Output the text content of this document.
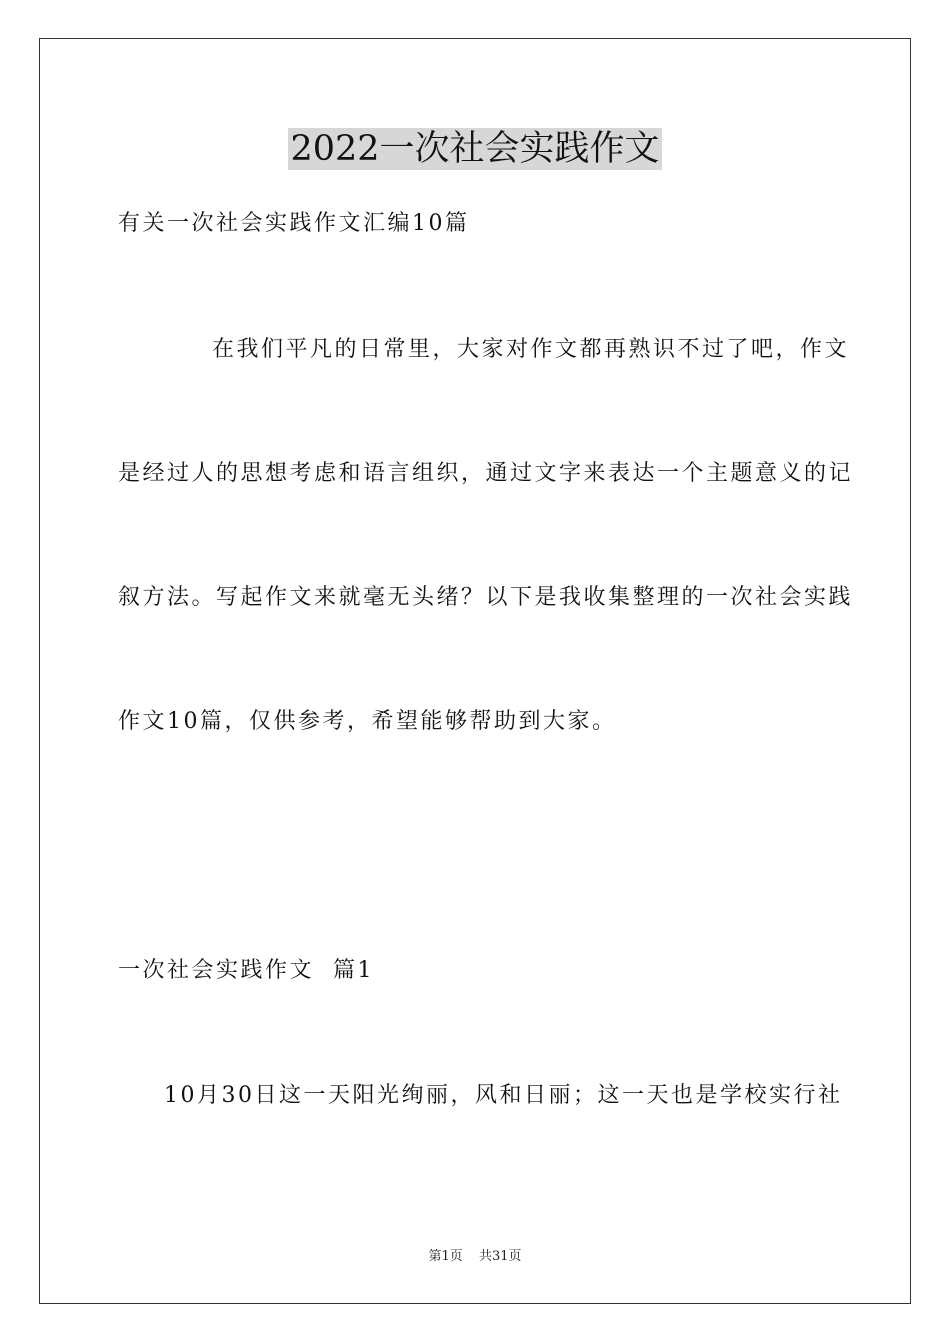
2022一次社会实践作文
有关一次社会实践作文汇编10篇
在我们平凡的日常里，大家对作文都再熟识不过了吧，作文
是经过人的思想考虑和语言组织，通过文字来表达一个主题意义的记
叙方法。写起作文来就毫无头绪？以下是我收集整理的一次社会实践
作文10篇，仅供参考，希望能够帮助到大家。
一次社会实践作文  篇1
10月30日这一天阳光绚丽，风和日丽；这一天也是学校实行社
第1页 共31页
